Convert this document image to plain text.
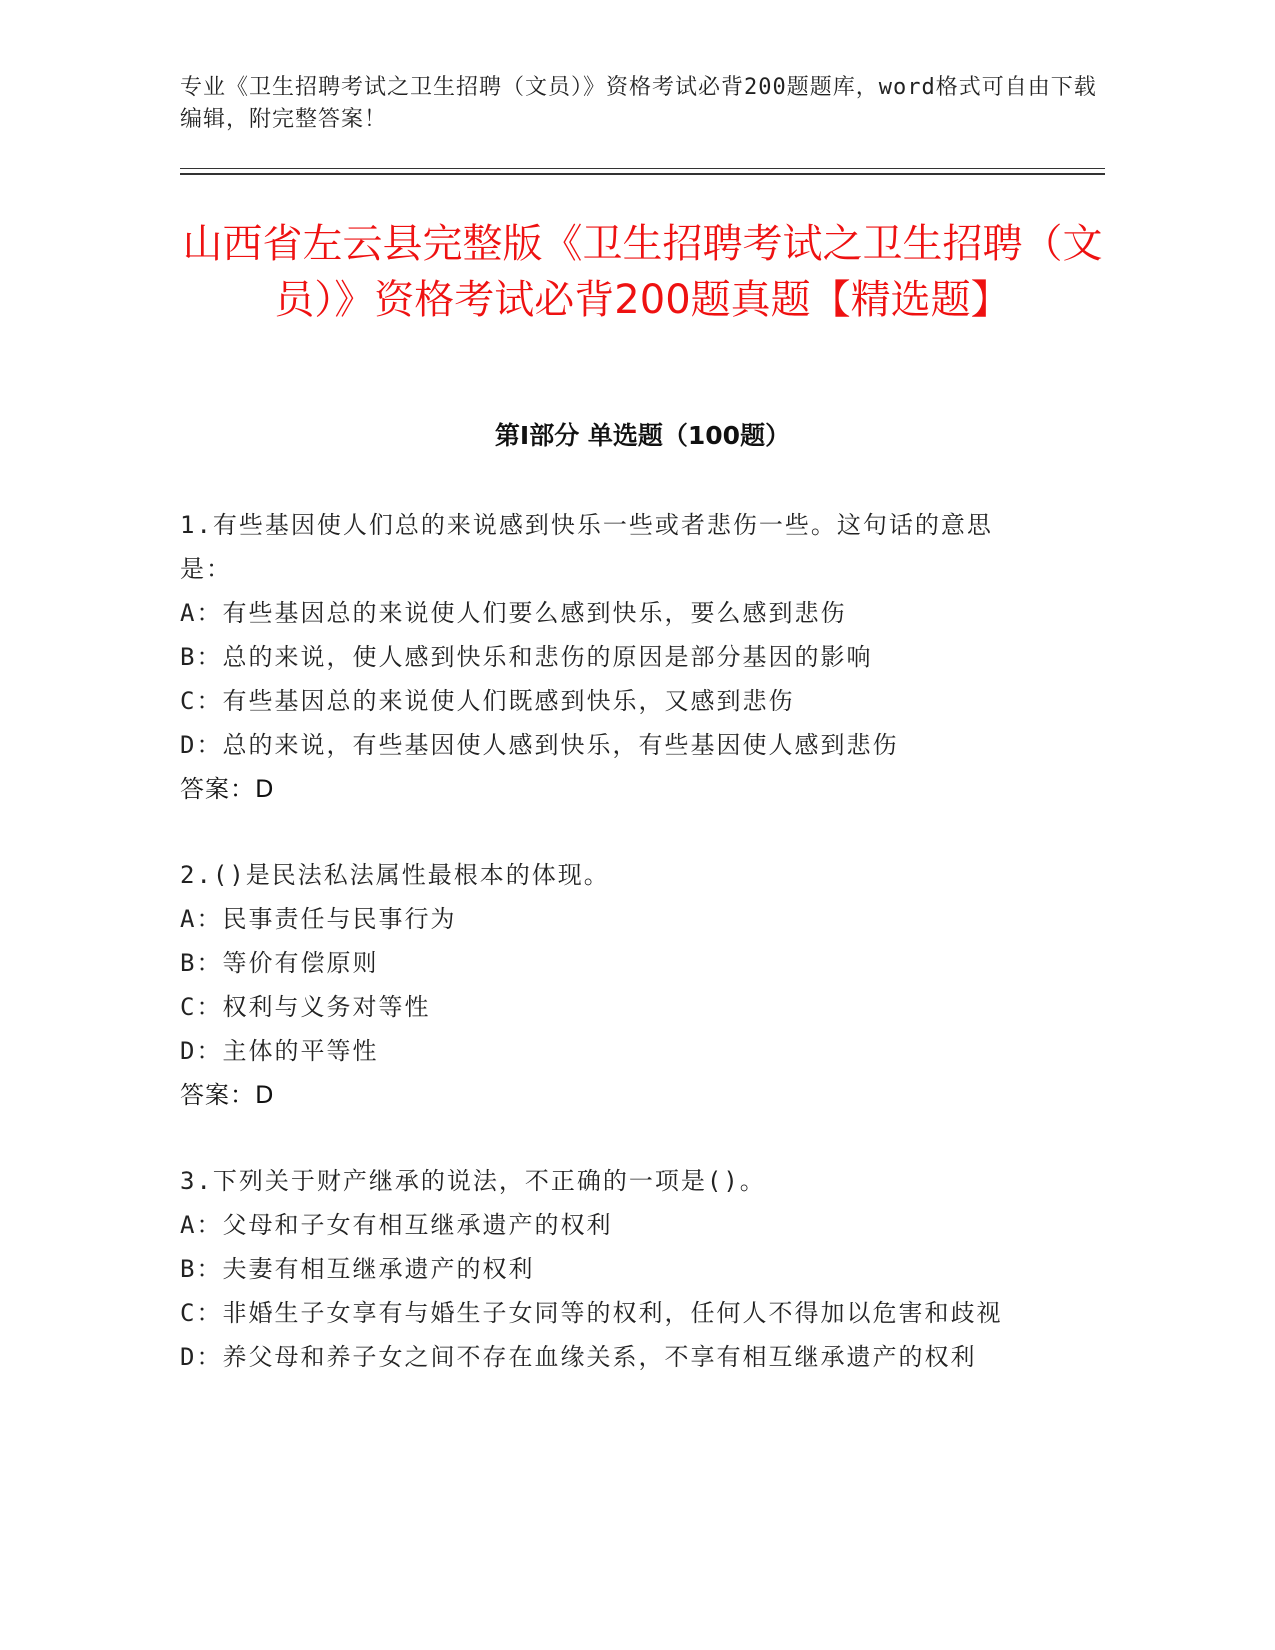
专业《卫生招聘考试之卫生招聘（文员）》资格考试必背200题题库，word格式可自由下载编辑，附完整答案！
山西省左云县完整版《卫生招聘考试之卫生招聘（文员）》资格考试必背200题真题【精选题】
第I部分 单选题（100题）

1.有些基因使人们总的来说感到快乐一些或者悲伤一些。这句话的意思是：

A：有些基因总的来说使人们要么感到快乐，要么感到悲伤

B：总的来说，使人感到快乐和悲伤的原因是部分基因的影响

C：有些基因总的来说使人们既感到快乐，又感到悲伤

D：总的来说，有些基因使人感到快乐，有些基因使人感到悲伤

答案：D

2.()是民法私法属性最根本的体现。

A：民事责任与民事行为

B：等价有偿原则

C：权利与义务对等性

D：主体的平等性

答案：D

3.下列关于财产继承的说法，不正确的一项是()。

A：父母和子女有相互继承遗产的权利

B：夫妻有相互继承遗产的权利

C：非婚生子女享有与婚生子女同等的权利，任何人不得加以危害和歧视

D：养父母和养子女之间不存在血缘关系，不享有相互继承遗产的权利
